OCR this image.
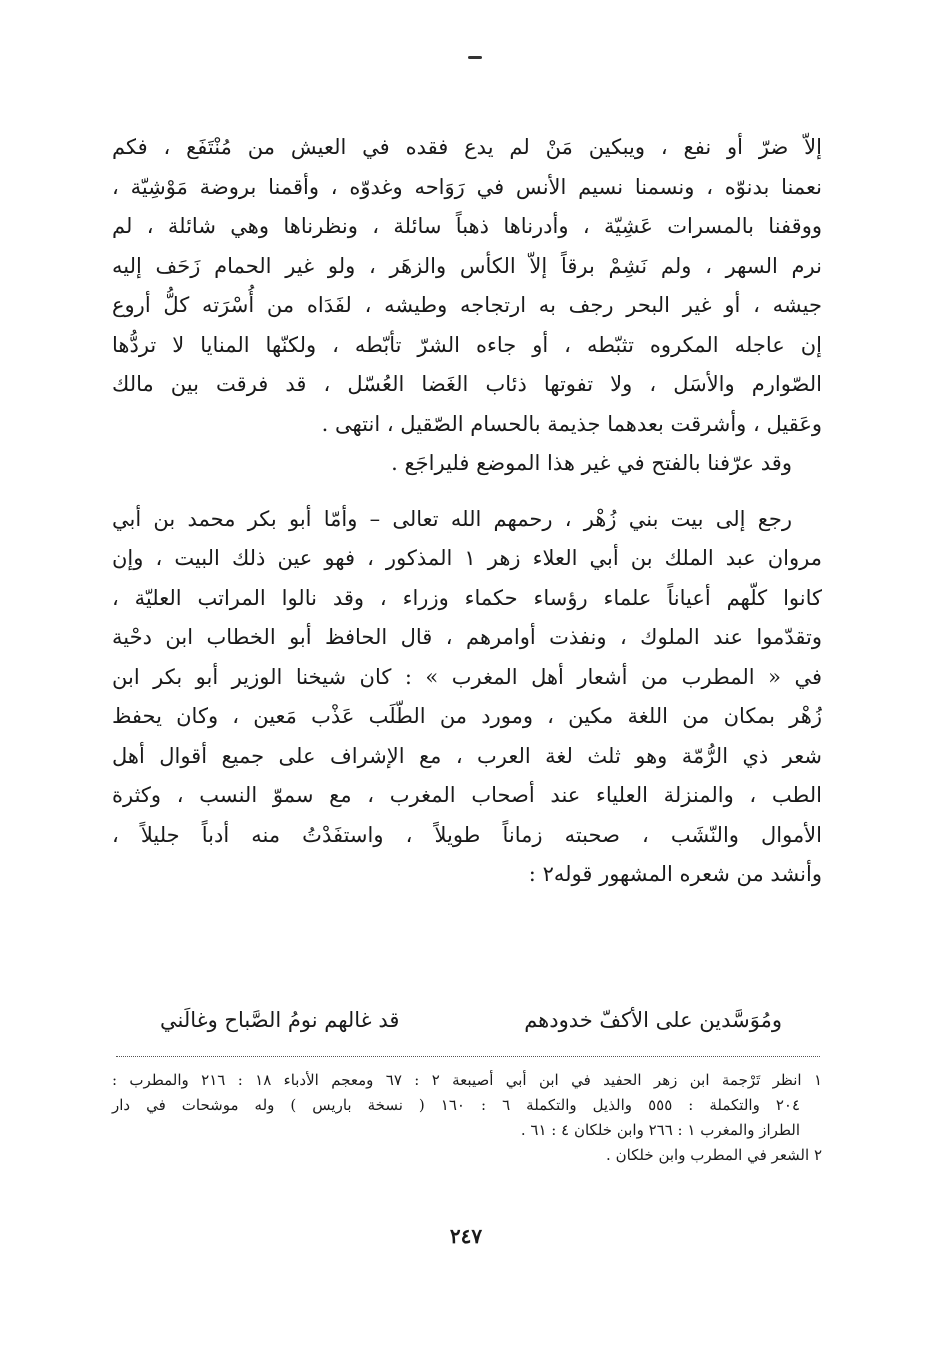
إلاّ ضرّ أو نفع ، ويبكين مَنْ لم يدع فقده في العيش من مُنْتَفَع ، فكم
نعمنا بدنوّه ، ونسمنا نسيم الأنس في رَوَاحه وغدوّه ، وأقمنا بروضة مَوْشِيّة ،
ووقفنا بالمسرات عَشِيّة ، وأدرناها ذهباً سائلة ، ونظرناها وهي شائلة ، لم
نرم السهر ، ولم نَشِمْ برقاً إلاّ الكأس والزهَر ، ولو غير الحمام زَحَف إليه
جيشه ، أو غير البحر رجف به ارتجاجه وطيشه ، لفَدَاه من أُسْرَته كلُّ أروع
إن عاجله المكروه تثبّطه ، أو جاءه الشرّ تأبّطه ، ولكنّها المنايا لا تردُّها
الصّوارم والأسَل ، ولا تفوتها ذئاب الغَضا العُسّل ، قد فرقت بين مالك
وعَقيل ، وأشرقت بعدهما جذيمة بالحسام الصّقيل ، انتهى .
وقد عرّفنا بالفتح في غير هذا الموضع فليراجَع .
رجع إلى بيت بني زُهْر ، رحمهم الله تعالى – وأمّا أبو بكر محمد بن أبي
مروان عبد الملك بن أبي العلاء زهر ١ المذكور ، فهو عين ذلك البيت ، وإن
كانوا كلّهم أعياناً علماء رؤساء حكماء وزراء ، وقد نالوا المراتب العليّة ،
وتقدّموا عند الملوك ، ونفذت أوامرهم ، قال الحافظ أبو الخطاب ابن دحْية
في « المطرب من أشعار أهل المغرب » : كان شيخنا الوزير أبو بكر ابن
زُهْر بمكان من اللغة مكين ، ومورد من الطّلَب عَذْب مَعين ، وكان يحفظ
شعر ذي الرُّمّة وهو ثلث لغة العرب ، مع الإشراف على جميع أقوال أهل
الطب ، والمنزلة العلياء عند أصحاب المغرب ، مع سموّ النسب ، وكثرة
الأموال والنّشَب ، صحبته زماناً طويلاً ، واستفَدْتُ منه أدباً جليلاً ،
وأنشد من شعره المشهور قوله٢ :
ومُوَسَّدين على الأكفّ خدودهم
قد غالهم نومُ الصَّباح وغالَني
١ انظر تَرْجمة ابن زهر الحفيد في ابن أبي أصيبعة ٢ : ٦٧ ومعجم الأدباء ١٨ : ٢١٦ والمطرب :
٢٠٤ والتكملة : ٥٥٥ والذيل والتكملة ٦ : ١٦٠ ( نسخة باريس ) وله موشحات في دار
الطراز والمغرب ١ : ٢٦٦ وابن خلكان ٤ : ٦١ .
٢ الشعر في المطرب وابن خلكان .
٢٤٧
